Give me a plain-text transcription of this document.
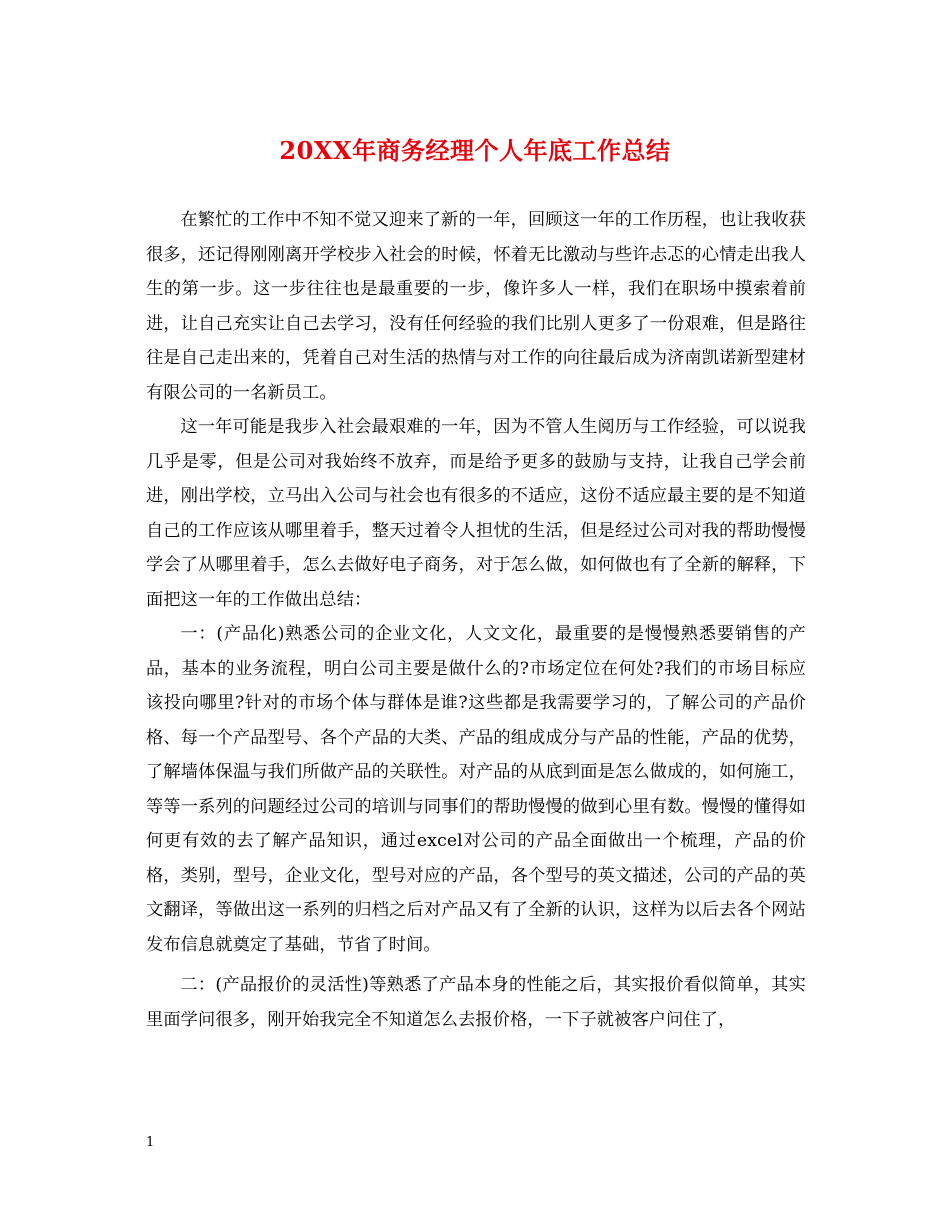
20XX年商务经理个人年底工作总结

在繁忙的工作中不知不觉又迎来了新的一年，回顾这一年的工作历程，也让我收获很多，还记得刚刚离开学校步入社会的时候，怀着无比激动与些许忐忑的心情走出我人生的第一步。这一步往往也是最重要的一步，像许多人一样，我们在职场中摸索着前进，让自己充实让自己去学习，没有任何经验的我们比别人更多了一份艰难，但是路往往是自己走出来的，凭着自己对生活的热情与对工作的向往最后成为济南凯诺新型建材有限公司的一名新员工。

这一年可能是我步入社会最艰难的一年，因为不管人生阅历与工作经验，可以说我几乎是零，但是公司对我始终不放弃，而是给予更多的鼓励与支持，让我自己学会前进，刚出学校，立马出入公司与社会也有很多的不适应，这份不适应最主要的是不知道自己的工作应该从哪里着手，整天过着令人担忧的生活，但是经过公司对我的帮助慢慢学会了从哪里着手，怎么去做好电子商务，对于怎么做，如何做也有了全新的解释，下面把这一年的工作做出总结：

一：(产品化)熟悉公司的企业文化，人文文化，最重要的是慢慢熟悉要销售的产品，基本的业务流程，明白公司主要是做什么的?市场定位在何处?我们的市场目标应该投向哪里?针对的市场个体与群体是谁?这些都是我需要学习的，了解公司的产品价格、每一个产品型号、各个产品的大类、产品的组成成分与产品的性能，产品的优势，了解墙体保温与我们所做产品的关联性。对产品的从底到面是怎么做成的，如何施工，等等一系列的问题经过公司的培训与同事们的帮助慢慢的做到心里有数。慢慢的懂得如何更有效的去了解产品知识，通过excel对公司的产品全面做出一个梳理，产品的价格，类别，型号，企业文化，型号对应的产品，各个型号的英文描述，公司的产品的英文翻译，等做出这一系列的归档之后对产品又有了全新的认识，这样为以后去各个网站发布信息就奠定了基础，节省了时间。

二：(产品报价的灵活性)等熟悉了产品本身的性能之后，其实报价看似简单，其实里面学问很多，刚开始我完全不知道怎么去报价格，一下子就被客户问住了，

1
